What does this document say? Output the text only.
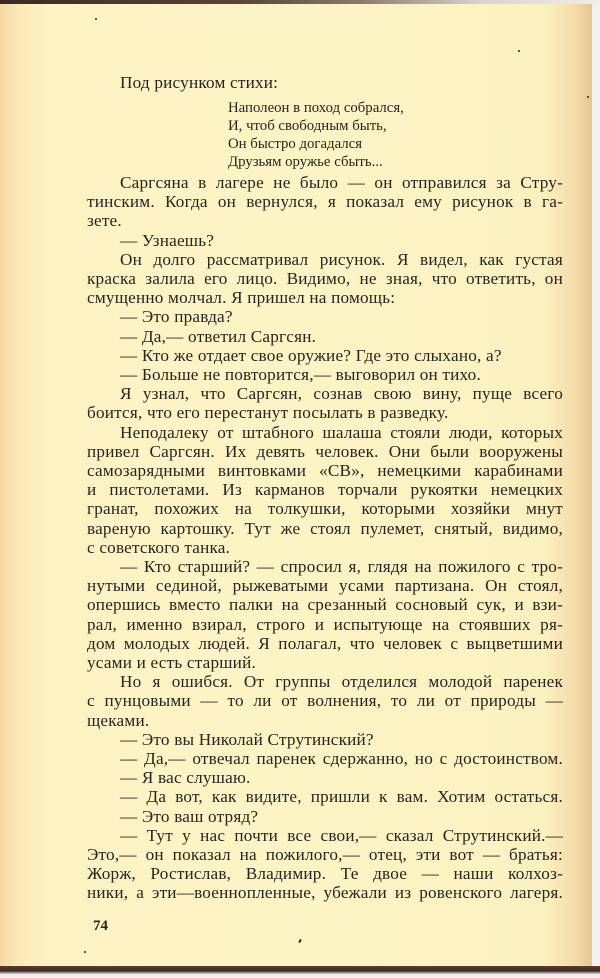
Под рисунком стихи:
Наполеон в поход собрался,
И, чтоб свободным быть,
Он быстро догадался
Друзьям оружье сбыть...
Саргсяна в лагере не было — он отправился за Стру-
тинским. Когда он вернулся, я показал ему рисунок в га-
зете.
— Узнаешь?
Он долго рассматривал рисунок. Я видел, как густая
краска залила его лицо. Видимо, не зная, что ответить, он
смущенно молчал. Я пришел на помощь:
— Это правда?
— Да,— ответил Саргсян.
— Кто же отдает свое оружие? Где это слыхано, а?
— Больше не повторится,— выговорил он тихо.
Я узнал, что Саргсян, сознав свою вину, пуще всего
боится, что его перестанут посылать в разведку.
Неподалеку от штабного шалаша стояли люди, которых
привел Саргсян. Их девять человек. Они были вооружены
самозарядными винтовками «СВ», немецкими карабинами
и пистолетами. Из карманов торчали рукоятки немецких
гранат, похожих на толкушки, которыми хозяйки мнут
вареную картошку. Тут же стоял пулемет, снятый, видимо,
с советского танка.
— Кто старший? — спросил я, глядя на пожилого с тро-
нутыми сединой, рыжеватыми усами партизана. Он стоял,
опершись вместо палки на срезанный сосновый сук, и взи-
рал, именно взирал, строго и испытующе на стоявших ря-
дом молодых людей. Я полагал, что человек с выцветшими
усами и есть старший.
Но я ошибся. От группы отделился молодой паренек
с пунцовыми — то ли от волнения, то ли от природы —
щеками.
— Это вы Николай Струтинский?
— Да,— отвечал паренек сдержанно, но с достоинством.
— Я вас слушаю.
— Да вот, как видите, пришли к вам. Хотим остаться.
— Это ваш отряд?
— Тут у нас почти все свои,— сказал Струтинский.—
Это,— он показал на пожилого,— отец, эти вот — братья:
Жорж, Ростислав, Владимир. Те двое — наши колхоз-
ники, а эти—военнопленные, убежали из ровенского лагеря.
74
